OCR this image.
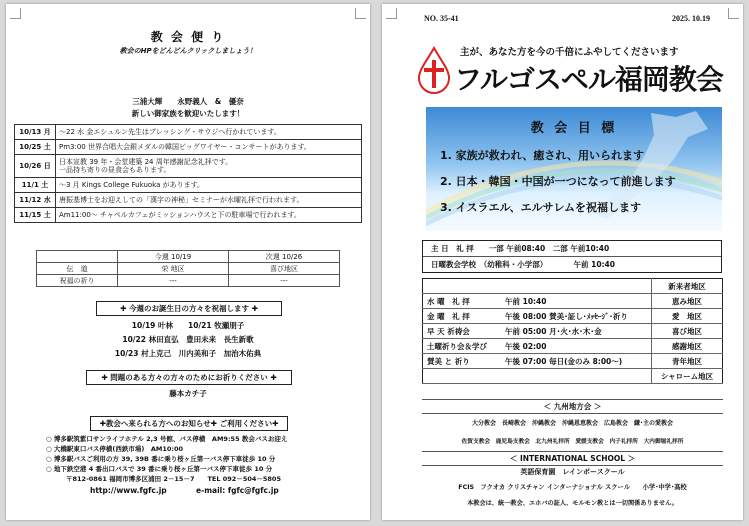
教 会 便 り
教会のHPをどんどんクリックしましょう！
三浦大輝　　永野義人　&　優奈
新しい御家族を歓迎いたします！
10/13 月	～22 水 金エシュルン先生はブレッシング・サウジへ行かれています。
10/25 土	Pm3:00 世界合唱大会銀メダルの韓国ビッグワイヤー・コンサートがあります。
10/26 日	日本宣教 39 年・会堂建築 24 周年感謝記念礼拝です。
一品持ち寄りの昼食会もあります。

11/1 土	～3 月 Kings College Fukuoka があります。
11/12 水	唐振基博士をお迎えしての「漢字の神秘」セミナーが水曜礼拝で行われます。
11/15 土	Am11:00～ チャペルカフェがミッションハウスと下の駐車場で行われます。
	今週 10/19	次週 10/26
伝　道	栄 地区	喜び地区
祝福の祈り	---	---
✚ 今週のお誕生日の方々を祝福します ✚
10/19 叶林　　10/21 牧瀬朋子
10/22 林田直弘　豊田未来　長生新歌
10/23 村上克己　川内美和子　加治木佑典
✚ 問題のある方々の方々のためにお祈りください ✚
藤本カチ子
✚教会へ来られる方へのお知らせ✚ ご利用ください✚
○ 博多駅筑紫口サンライフホテル 2,3 号館、バス停横　AM9:55 教会バスお迎え
○ 大橋駅東口バス停横(西鉄市場)　AM10:00
○ 博多駅バスご利用の方 39, 39B 番に乗り桜ヶ丘第一バス停下車徒歩 10 分
○ 地下鉄空港 4 番出口バスで 39 番に乗り桜ヶ丘第一バス停下車徒歩 10 分
〒812-0861 福岡市博多区浦田 2－15－7　　TEL 092－504－5805
http://www.fgfc.jp	e-mail: fgfc@fgfc.jp
NO. 35-41	2025. 10.19
主が、あなた方を今の千倍にふやしてくださいます
フルゴスペル福岡教会
教 会 目 標
1. 家族が救われ、癒され、用いられます
2. 日本・韓国・中国が一つになって前進します
3. イスラエル、エルサレムを祝福します
主 日　礼 拝　　一部 午前08:40　二部 午前10:40
日曜教会学校　（幼稚科・小学部）　　　　午前 10:40
		新来者地区
水 曜　礼 拝	午前 10:40	恵み地区
金 曜　礼 拝	午後 08:00 賛美･証し･ﾒｯｾｰｼﾞ･祈り	愛　地区
早 天 祈祷会	午前 05:00 月･火･水･木･金	喜び地区
土曜祈り会＆学び	午後 02:00	感謝地区
賛美 と 祈り	午後 07:00 毎日(金のみ 8:00～)	青年地区
		シャローム地区
＜ 九州地方会 ＞
大分教会　長崎教会　沖縄教会　沖縄恩恵教会　広島教会　鎌･主の愛教会
佐賀支教会　鹿児島支教会　北九州礼拝所　愛媛支教会　内子礼拝所　大内御堀礼拝所
＜ INTERNATIONAL SCHOOL ＞
英語保育園　レインボースクール
FCIS　フクオカ クリスチャン インターナショナル スクール　　小学･中学･高校
本教会は、統一教会、エホバの証人、モルモン教とは一切関係ありません。
